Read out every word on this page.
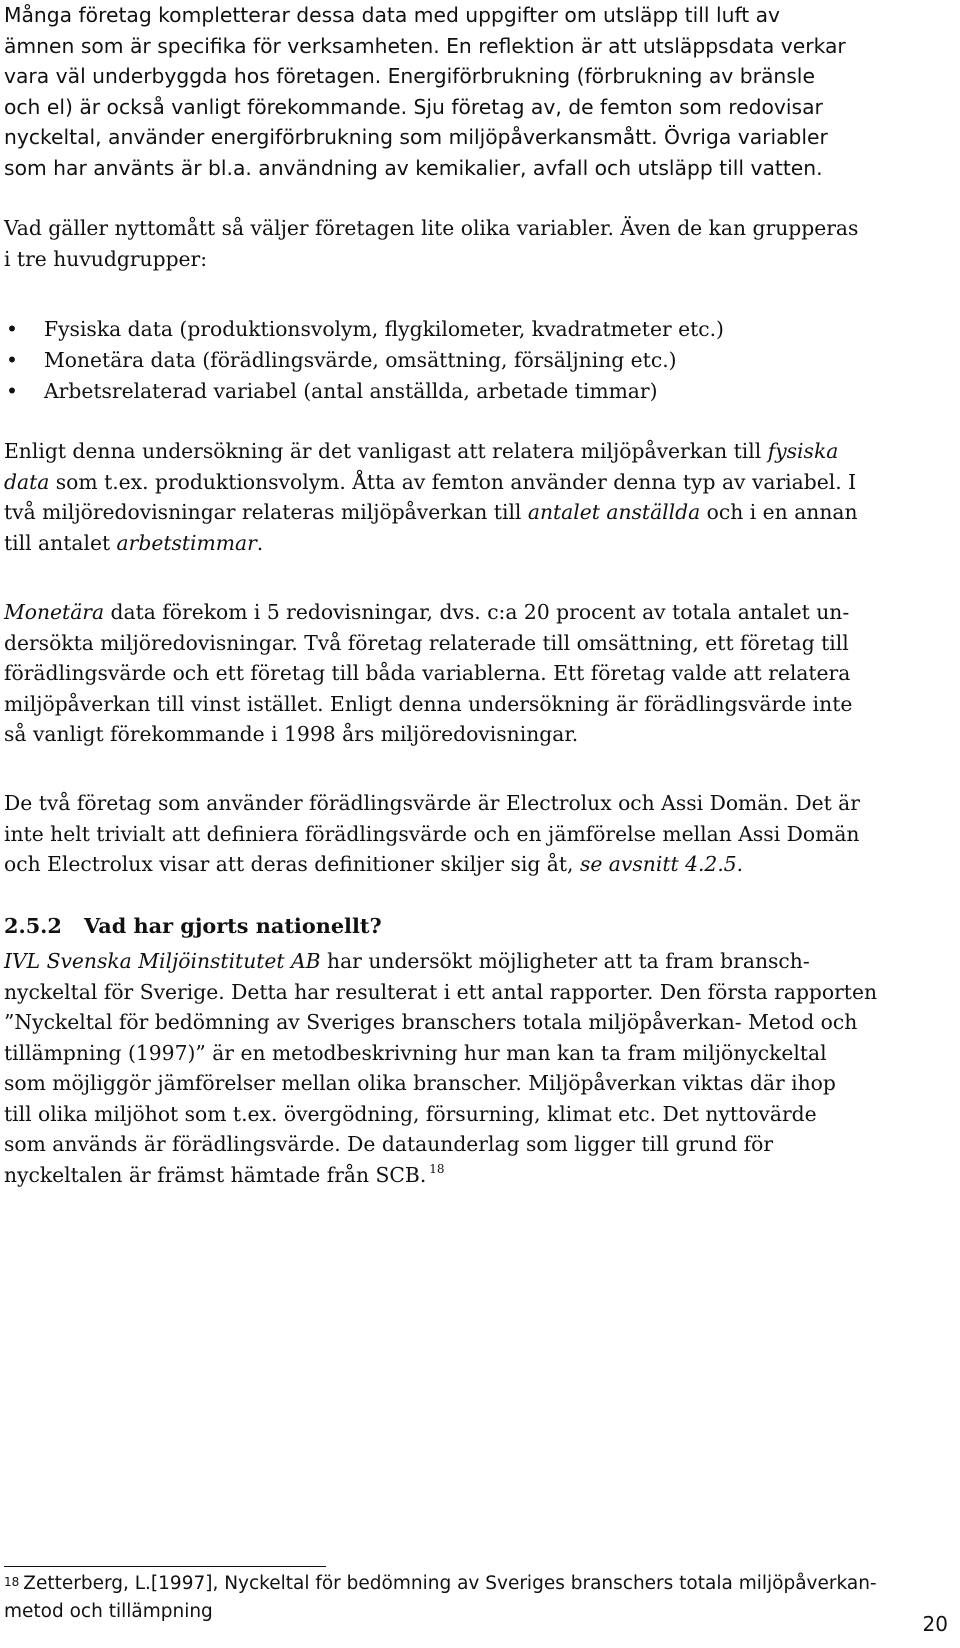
Många företag kompletterar dessa data med uppgifter om utsläpp till luft av
ämnen som är specifika för verksamheten. En reflektion är att utsläppsdata verkar
vara väl underbyggda hos företagen. Energiförbrukning (förbrukning av bränsle
och el) är också vanligt förekommande. Sju företag av, de femton som redovisar
nyckeltal, använder energiförbrukning som miljöpåverkansmått. Övriga variabler
som har använts är bl.a. användning av kemikalier, avfall och utsläpp till vatten.
Vad gäller nyttomått så väljer företagen lite olika variabler. Även de kan grupperas
i tre huvudgrupper:
• Fysiska data (produktionsvolym, flygkilometer, kvadratmeter etc.)
• Monetära data (förädlingsvärde, omsättning, försäljning etc.)
• Arbetsrelaterad variabel (antal anställda, arbetade timmar)
Enligt denna undersökning är det vanligast att relatera miljöpåverkan till fysiska
data som t.ex. produktionsvolym. Åtta av femton använder denna typ av variabel. I
två miljöredovisningar relateras miljöpåverkan till antalet anställda och i en annan
till antalet arbetstimmar.
Monetära data förekom i 5 redovisningar, dvs. c:a 20 procent av totala antalet un-
dersökta miljöredovisningar. Två företag relaterade till omsättning, ett företag till
förädlingsvärde och ett företag till båda variablerna. Ett företag valde att relatera
miljöpåverkan till vinst istället. Enligt denna undersökning är förädlingsvärde inte
så vanligt förekommande i 1998 års miljöredovisningar.
De två företag som använder förädlingsvärde är Electrolux och Assi Domän. Det är
inte helt trivialt att definiera förädlingsvärde och en jämförelse mellan Assi Domän
och Electrolux visar att deras definitioner skiljer sig åt, se avsnitt 4.2.5.
2.5.2 Vad har gjorts nationellt?
IVL Svenska Miljöinstitutet AB har undersökt möjligheter att ta fram bransch-
nyckeltal för Sverige. Detta har resulterat i ett antal rapporter. Den första rapporten
”Nyckeltal för bedömning av Sveriges branschers totala miljöpåverkan- Metod och
tillämpning (1997)” är en metodbeskrivning hur man kan ta fram miljönyckeltal
som möjliggör jämförelser mellan olika branscher. Miljöpåverkan viktas där ihop
till olika miljöhot som t.ex. övergödning, försurning, klimat etc. Det nyttovärde
som används är förädlingsvärde. De dataunderlag som ligger till grund för
nyckeltalen är främst hämtade från SCB. $^{18}$
$^{18}$ Zetterberg, L.[1997], Nyckeltal för bedömning av Sveriges branschers totala miljöpåverkan-
metod och tillämpning
20
